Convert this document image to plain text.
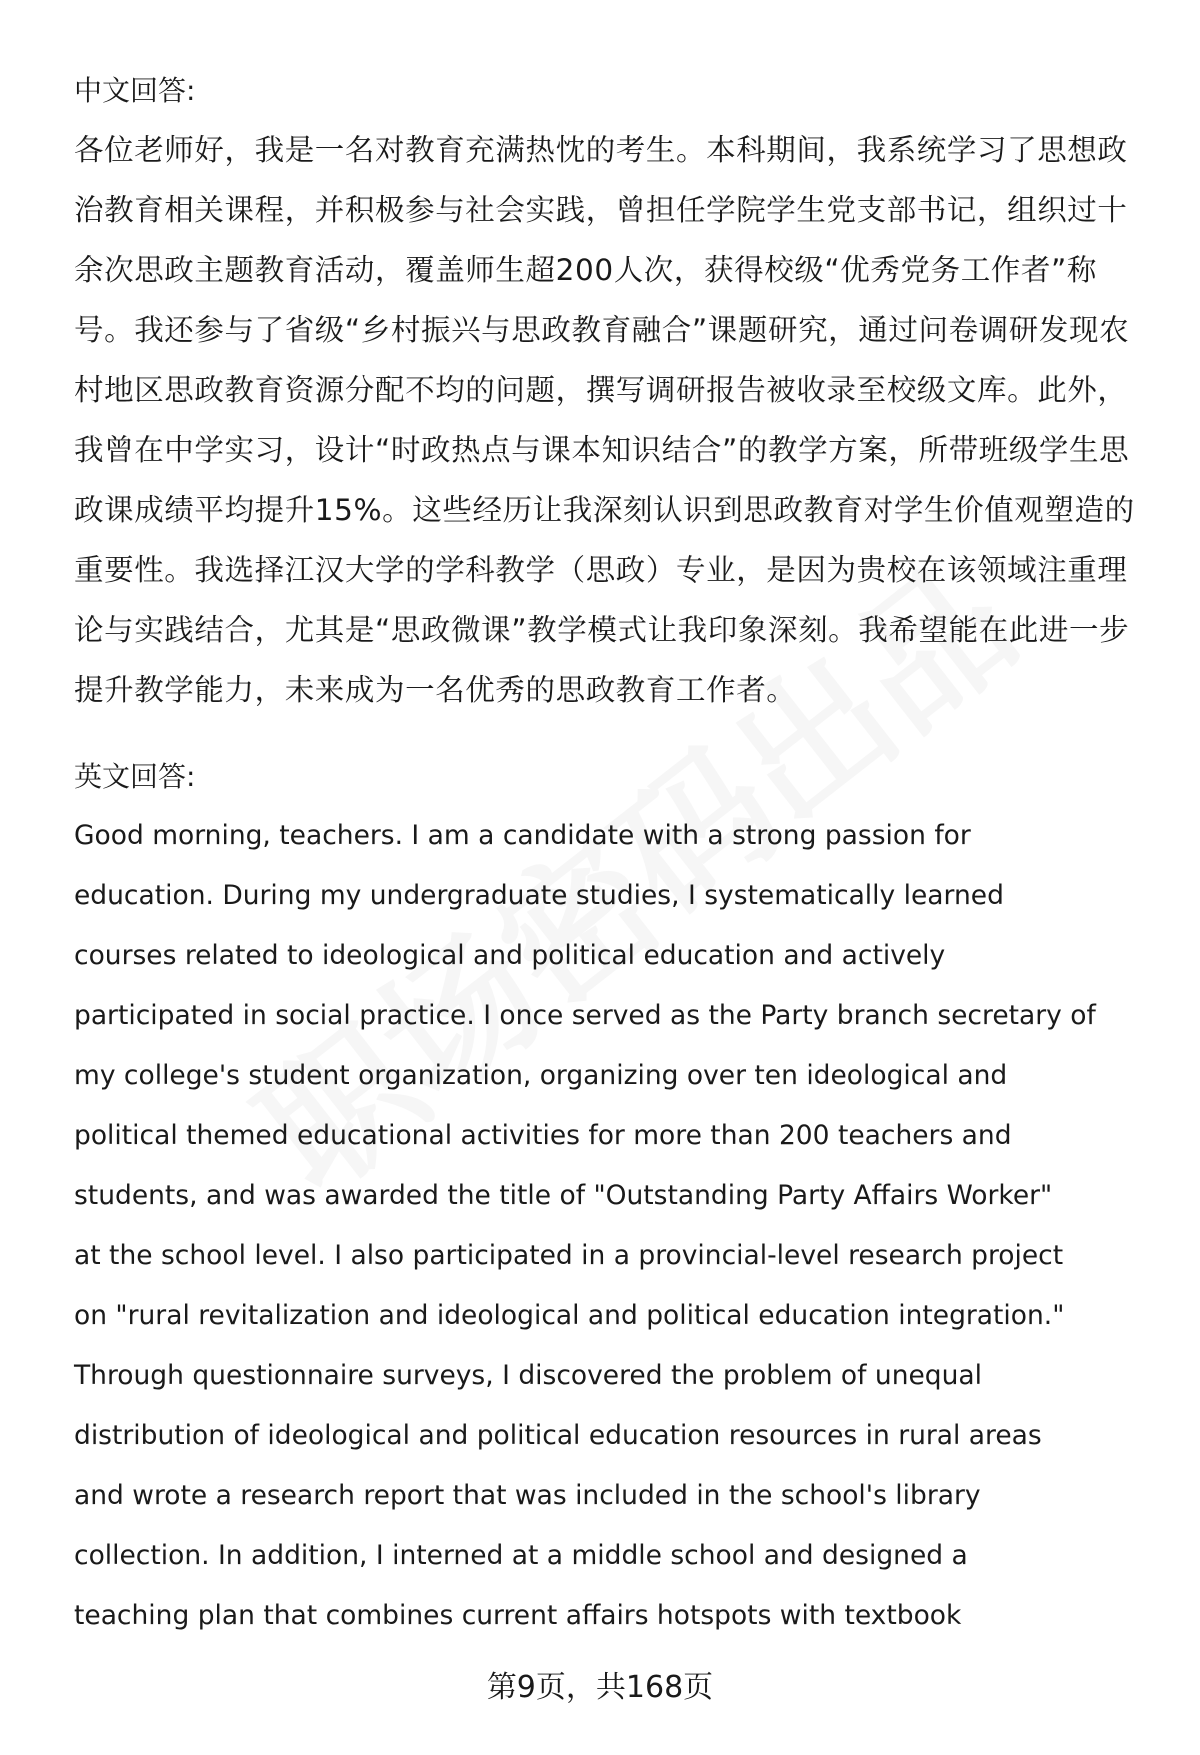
中文回答:
各位老师好，我是一名对教育充满热忱的考生。本科期间，我系统学习了思想政治教育相关课程，并积极参与社会实践，曾担任学院学生党支部书记，组织过十余次思政主题教育活动，覆盖师生超200人次，获得校级“优秀党务工作者”称号。我还参与了省级“乡村振兴与思政教育融合”课题研究，通过问卷调研发现农村地区思政教育资源分配不均的问题，撰写调研报告被收录至校级文库。此外，我曾在中学实习，设计“时政热点与课本知识结合”的教学方案，所带班级学生思政课成绩平均提升15%。这些经历让我深刻认识到思政教育对学生价值观塑造的重要性。我选择江汉大学的学科教学（思政）专业，是因为贵校在该领域注重理论与实践结合，尤其是“思政微课”教学模式让我印象深刻。我希望能在此进一步提升教学能力，未来成为一名优秀的思政教育工作者。
英文回答:
Good morning, teachers. I am a candidate with a strong passion for
education. During my undergraduate studies, I systematically learned
courses related to ideological and political education and actively
participated in social practice. I once served as the Party branch secretary of
my college's student organization, organizing over ten ideological and
political themed educational activities for more than 200 teachers and
students, and was awarded the title of "Outstanding Party Affairs Worker"
at the school level. I also participated in a provincial-level research project
on "rural revitalization and ideological and political education integration."
Through questionnaire surveys, I discovered the problem of unequal
distribution of ideological and political education resources in rural areas
and wrote a research report that was included in the school's library
collection. In addition, I interned at a middle school and designed a
teaching plan that combines current affairs hotspots with textbook
第9页，共168页
